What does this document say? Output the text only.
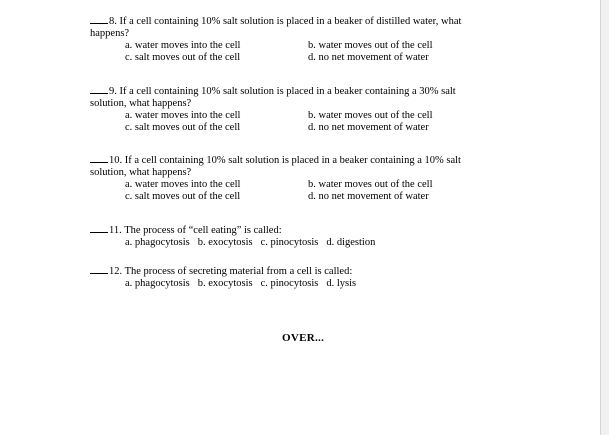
8. If a cell containing 10% salt solution is placed in a beaker of distilled water, what
happens?
a. water moves into the cell	b. water moves out of the cell
c. salt moves out of the cell	d. no net movement of water
9. If a cell containing 10% salt solution is placed in a beaker containing a 30% salt
solution, what happens?
a. water moves into the cell	b. water moves out of the cell
c. salt moves out of the cell	d. no net movement of water
10. If a cell containing 10% salt solution is placed in a beaker containing a 10% salt
solution, what happens?
a. water moves into the cell	b. water moves out of the cell
c. salt moves out of the cell	d. no net movement of water
11. The process of “cell eating” is called:
a. phagocytosis b. exocytosis c. pinocytosis d. digestion
12. The process of secreting material from a cell is called:
a. phagocytosis b. exocytosis c. pinocytosis d. lysis
OVER...
